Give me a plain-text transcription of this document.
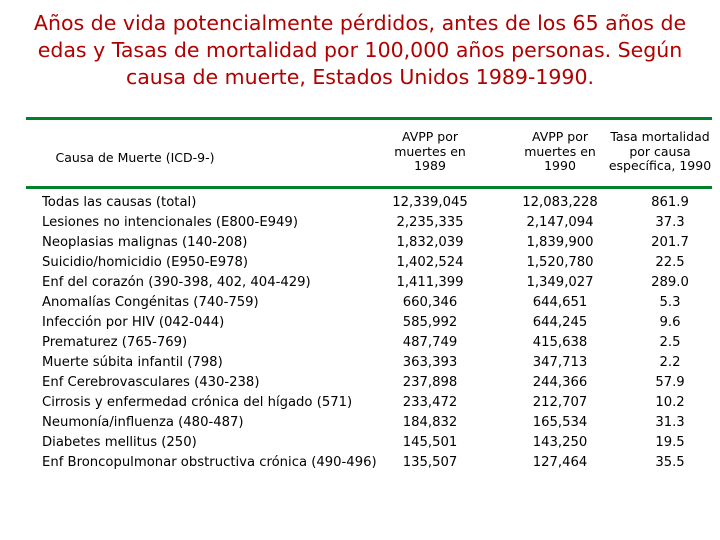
Años de vida potencialmente pérdidos, antes de los 65 años de
edas y Tasas de mortalidad por 100,000 años personas. Según
causa de muerte, Estados Unidos 1989-1990.
Causa de Muerte (ICD-9-)
AVPP por
muertes en
1989
AVPP por
muertes en
1990
Tasa mortalidad
por causa
específica, 1990
Todas las causas (total)
Lesiones no intencionales (E800-E949)
Neoplasias malignas (140-208)
Suicidio/homicidio (E950-E978)
Enf del corazón (390-398, 402, 404-429)
Anomalías Congénitas (740-759)
Infección por HIV (042-044)
Prematurez (765-769)
Muerte súbita infantil (798)
Enf Cerebrovasculares (430-238)
Cirrosis y enfermedad crónica del hígado (571)
Neumonía/influenza (480-487)
Diabetes mellitus (250)
Enf Broncopulmonar obstructiva crónica (490-496)
12,339,045
2,235,335
1,832,039
1,402,524
1,411,399
660,346
585,992
487,749
363,393
237,898
233,472
184,832
145,501
135,507
12,083,228
2,147,094
1,839,900
1,520,780
1,349,027
644,651
644,245
415,638
347,713
244,366
212,707
165,534
143,250
127,464
861.9
37.3
201.7
22.5
289.0
5.3
9.6
2.5
2.2
57.9
10.2
31.3
19.5
35.5
